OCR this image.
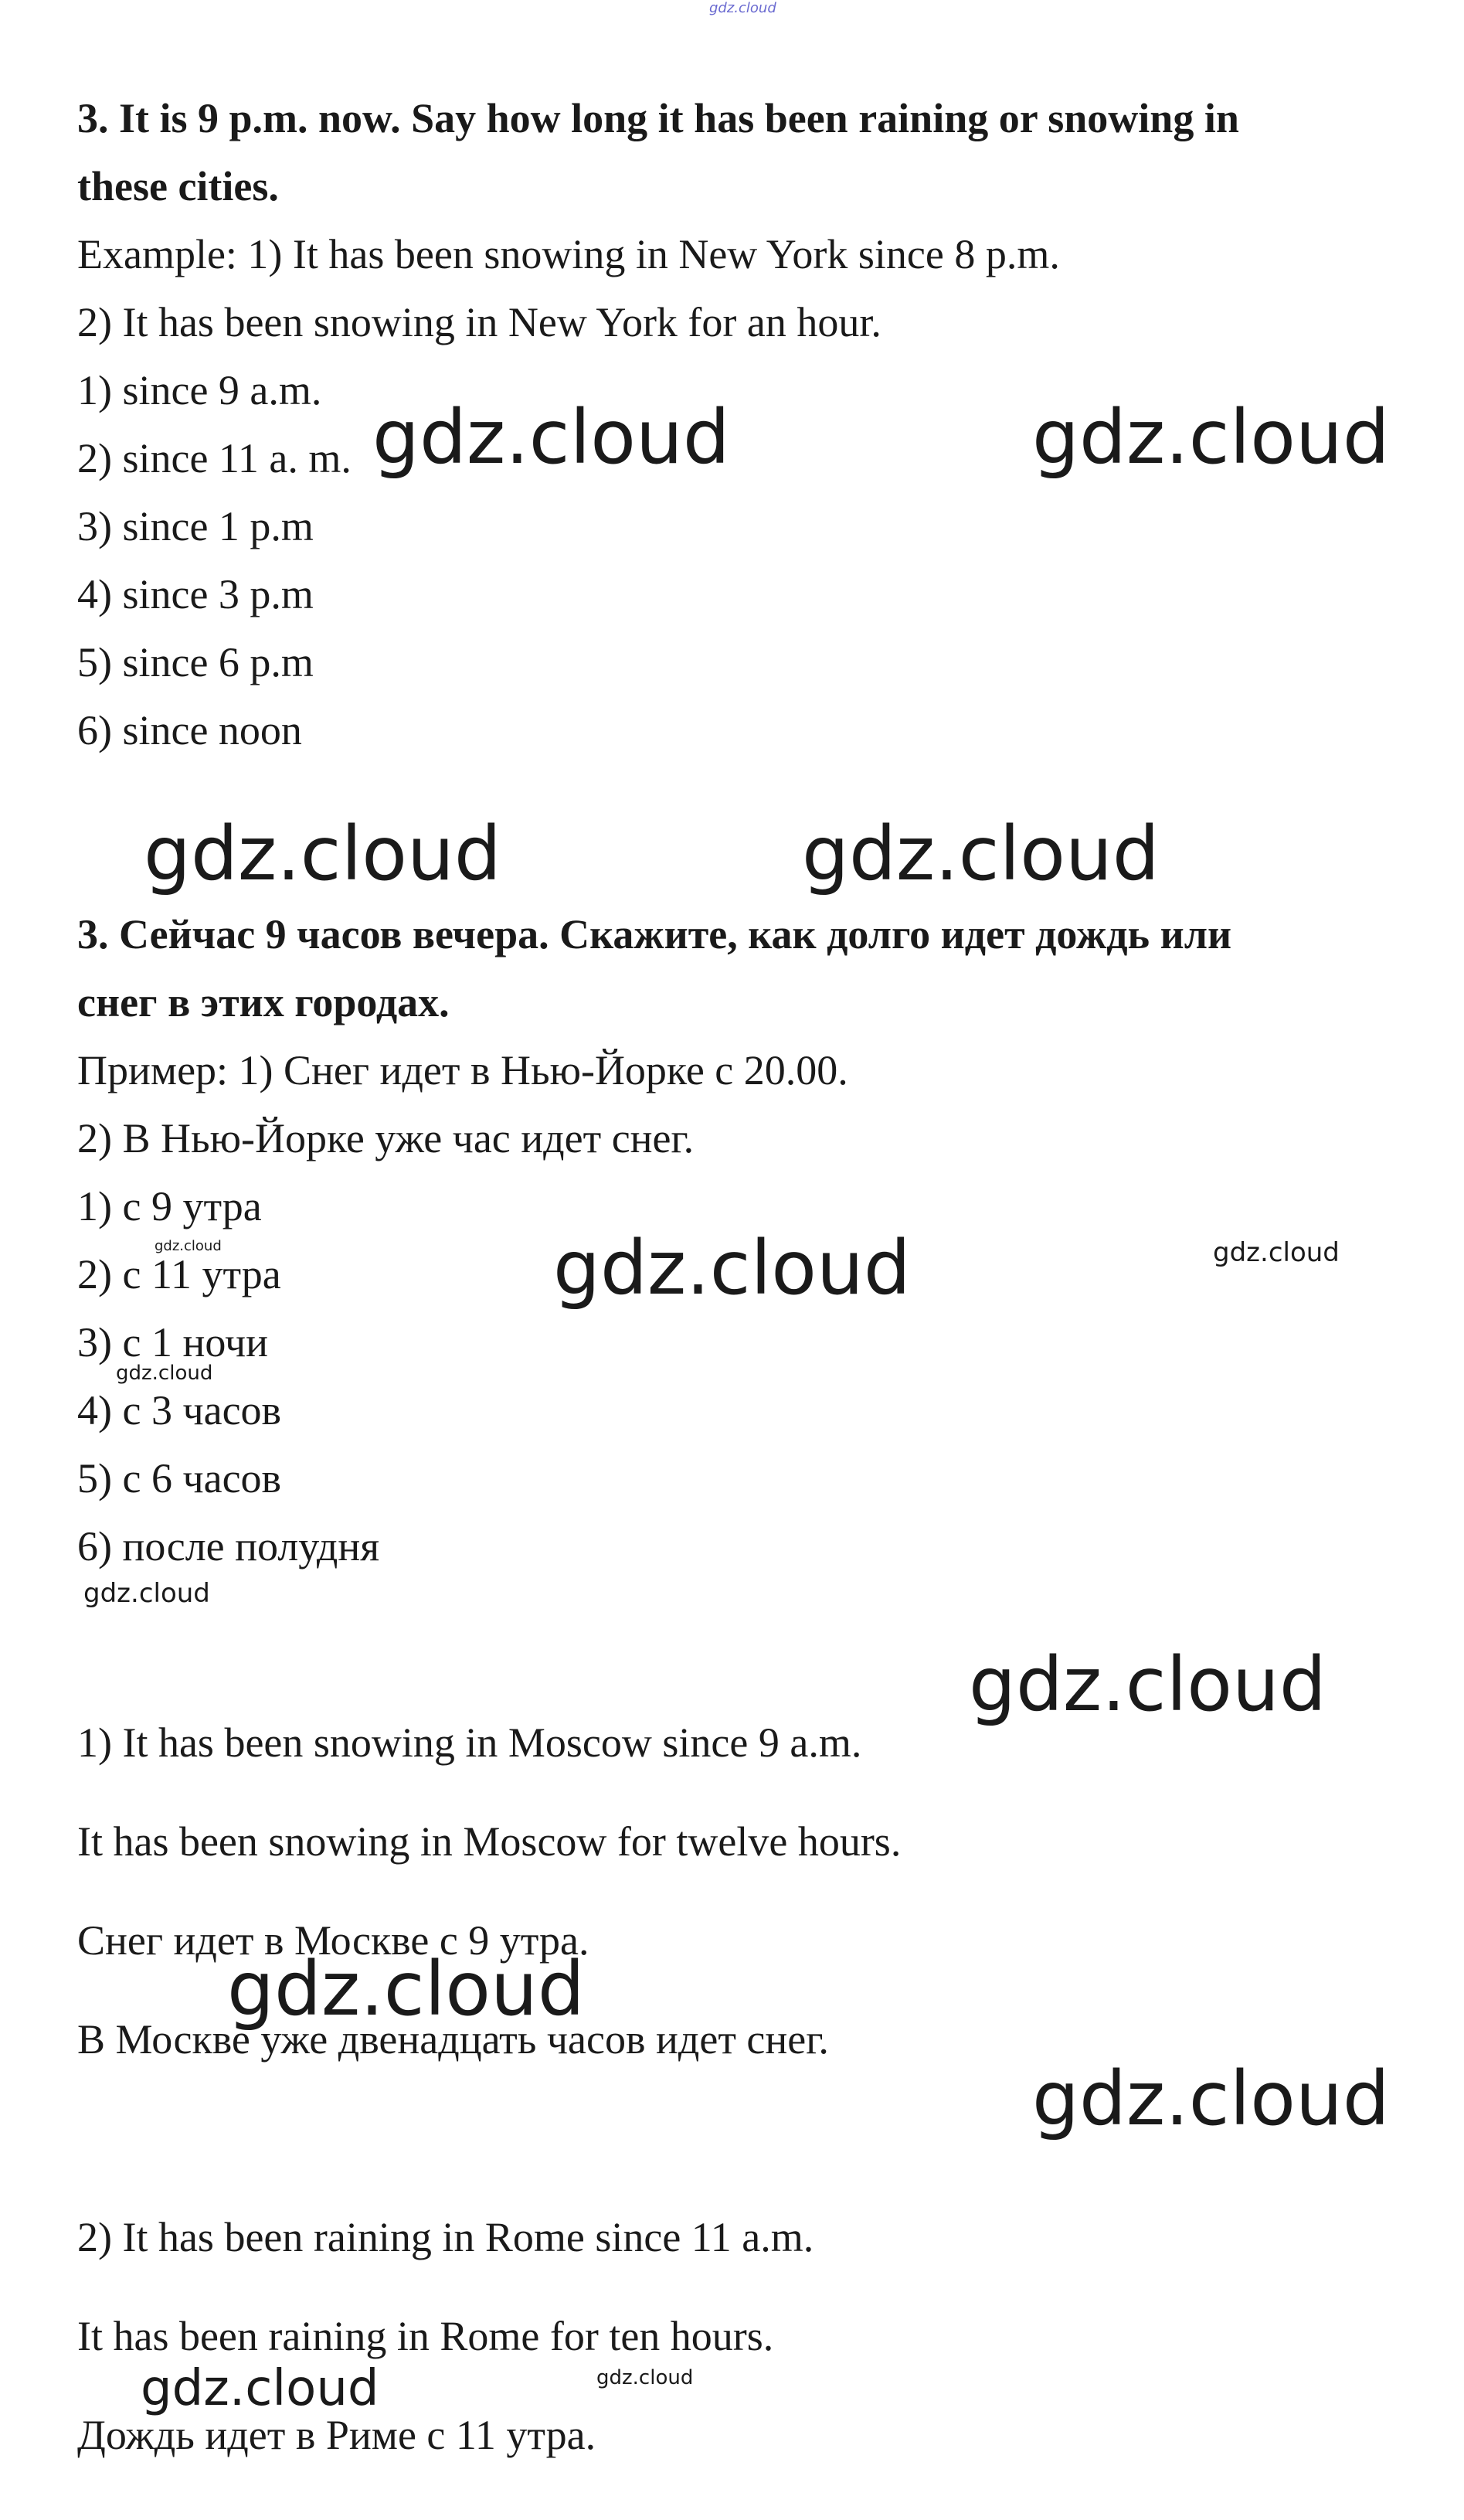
gdz.cloud
3. It is 9 p.m. now. Say how long it has been raining or snowing in
these cities.
Example: 1) It has been snowing in New York since 8 p.m.
2) It has been snowing in New York for an hour.
1) since 9 a.m.
2) since 11 a. m.
3) since 1 p.m
4) since 3 p.m
5) since 6 p.m
6) since noon
3. Сейчас 9 часов вечера. Скажите, как долго идет дождь или
снег в этих городах.
Пример: 1) Снег идет в Нью-Йорке с 20.00.
2) В Нью-Йорке уже час идет снег.
1) с 9 утра
2) с 11 утра
3) с 1 ночи
4) с 3 часов
5) с 6 часов
6) после полудня
1) It has been snowing in Moscow since 9 a.m.
It has been snowing in Moscow for twelve hours.
Снег идет в Москве с 9 утра.
В Москве уже двенадцать часов идет снег.
2) It has been raining in Rome since 11 a.m.
It has been raining in Rome for ten hours.
Дождь идет в Риме с 11 утра.
gdz.cloud	gdz.cloud
gdz.cloud	gdz.cloud
gdz.cloud	gdz.cloud	gdz.cloud
gdz.cloud
gdz.cloud
gdz.cloud
gdz.cloud
gdz.cloud
gdz.cloud	gdz.cloud
